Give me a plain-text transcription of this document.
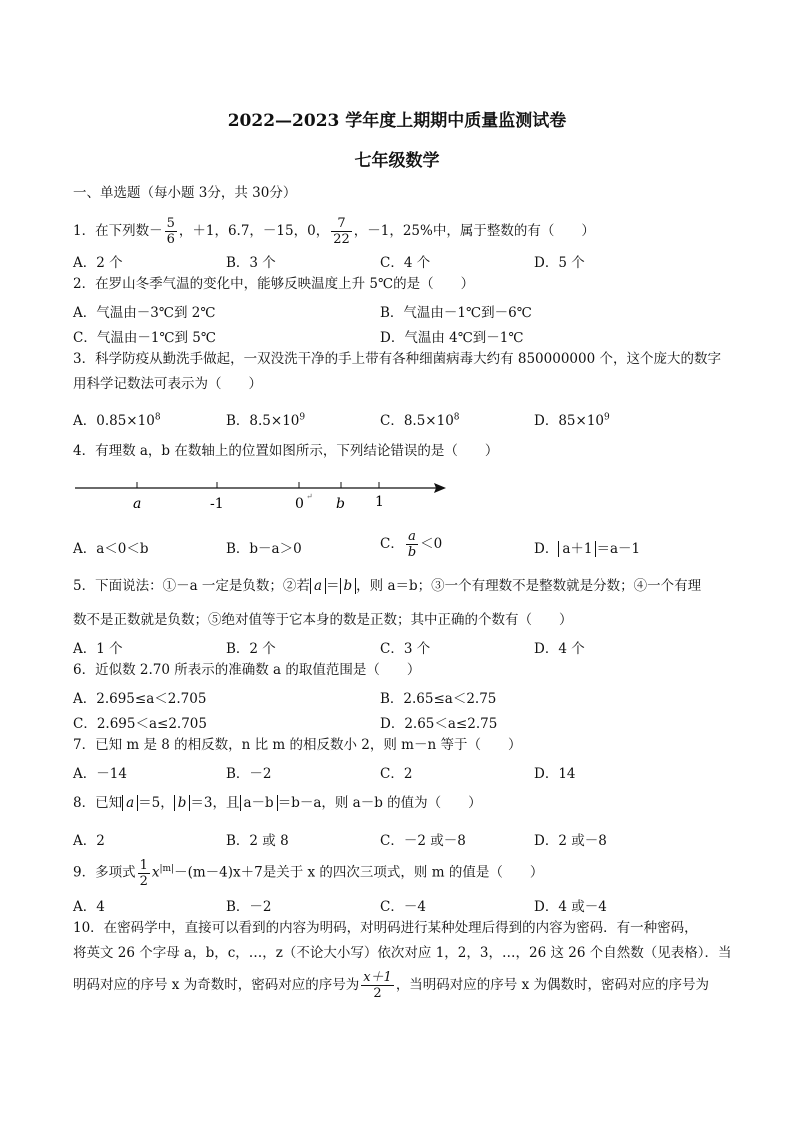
2022—2023 学年度上期期中质量监测试卷
七年级数学
一、单选题（每小题 3分，共 30分）
1．在下列数－ $\frac{5}{6}$ ，＋1，6.7，－15，0， $\frac{7}{22}$ ，－1，25%中，属于整数的有（　　）
A．2 个	B．3 个	C．4 个	D．5 个
2．在罗山冬季气温的变化中，能够反映温度上升 5℃的是（　　）
A．气温由－3℃到 2℃	B．气温由－1℃到－6℃
C．气温由－1℃到 5℃	D．气温由 4℃到－1℃
3．科学防疫从勤洗手做起，一双没洗干净的手上带有各种细菌病毒大约有 850000000 个，这个庞大的数字
用科学记数法可表示为（　　）
A．$0.85\times 10^8$	B．$8.5\times 10^9$	C．$8.5\times 10^8$	D．$85\times 10^9$
4．有理数 a，b 在数轴上的位置如图所示，下列结论错误的是（　　）
a	-1	0 ↵ b 1
A．a＜0＜b	B．b－a＞0	C． $\frac{a}{b} <0$	D． a＋1 ＝a－1
5．下面说法：①－a 一定是负数；②若 a ＝ b ，则 a＝b；③一个有理数不是整数就是分数；④一个有理
数不是正数就是负数；⑤绝对值等于它本身的数是正数；其中正确的个数有（　　）
A．1 个	B．2 个	C．3 个	D．4 个
6．近似数 2.70 所表示的准确数 a 的取值范围是（　　）
A．2.695≤a＜2.705	B．2.65≤a＜2.75
C．2.695＜a≤2.705	D．2.65＜a≤2.75
7．已知 m 是 8 的相反数，n 比 m 的相反数小 2，则 m－n 等于（　　）
A．－14	B．－2	C．2	D．14
8．已知 a ＝5， b ＝3，且 a－b ＝b－a，则 a－b 的值为（　　）
A．2	B．2 或 8	C．－2 或－8	D．2 或－8
9．多项式 $\frac{1}{2} x^{|m|}-(m-4)x+7$是关于 x 的四次三项式，则 m 的值是（　　）
A．4	B．－2	C．－4	D．4 或－4
10．在密码学中，直接可以看到的内容为明码，对明码进行某种处理后得到的内容为密码．有一种密码，
将英文 26 个字母 a，b，c，…，z（不论大小写）依次对应 1，2，3，…，26 这 26 个自然数（见表格）．当
明码对应的序号 x 为奇数时，密码对应的序号为 $\frac{x+1}{2}$ ，当明码对应的序号 x 为偶数时，密码对应的序号为
